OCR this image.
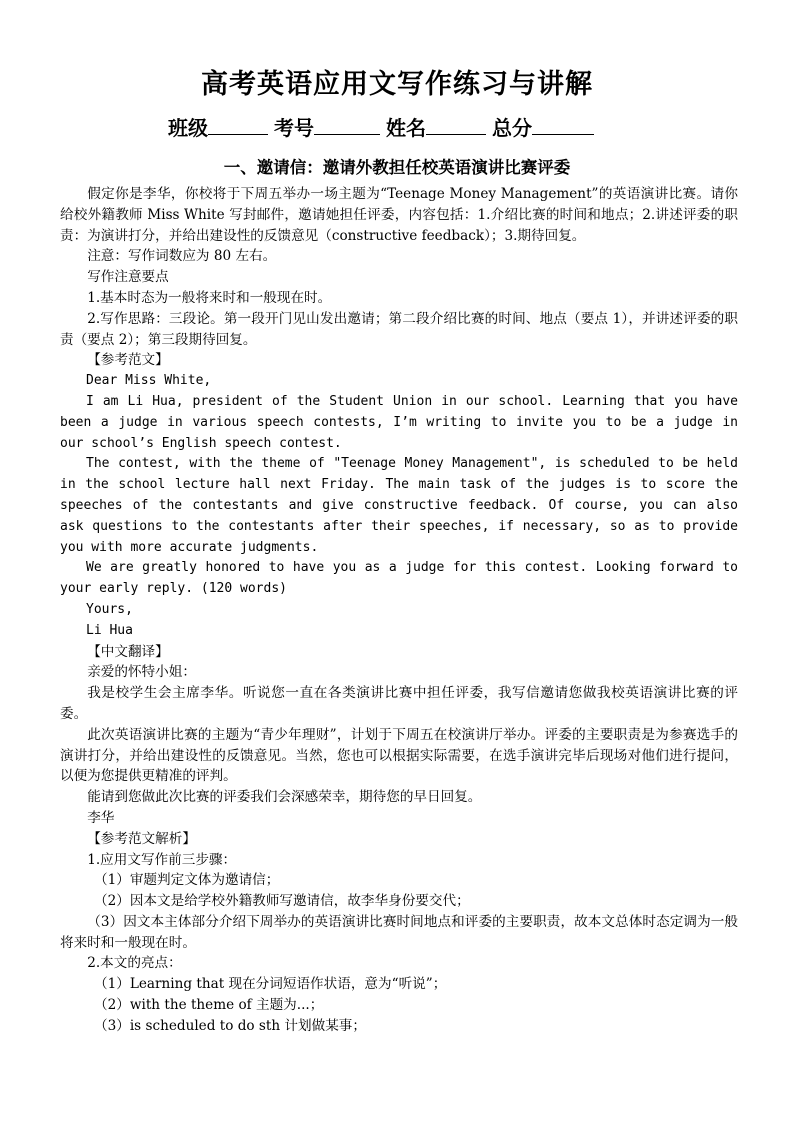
高考英语应用文写作练习与讲解
班级	考号	姓名	总分
一、邀请信：邀请外教担任校英语演讲比赛评委

假定你是李华，你校将于下周五举办一场主题为“Teenage Money Management”的英语演讲比赛。请你给校外籍教师 Miss White 写封邮件，邀请她担任评委，内容包括：1.介绍比赛的时间和地点；2.讲述评委的职责：为演讲打分，并给出建设性的反馈意见（constructive feedback）；3.期待回复。

注意：写作词数应为 80 左右。

写作注意要点

1.基本时态为一般将来时和一般现在时。

2.写作思路：三段论。第一段开门见山发出邀请；第二段介绍比赛的时间、地点（要点 1），并讲述评委的职责（要点 2）；第三段期待回复。

【参考范文】

Dear Miss White,

I am Li Hua, president of the Student Union in our school. Learning that you have been a judge in various speech contests, I’m writing to invite you to be a judge in our school’s English speech contest.

The contest, with the theme of "Teenage Money Management", is scheduled to be held in the school lecture hall next Friday. The main task of the judges is to score the speeches of the contestants and give constructive feedback. Of course, you can also ask questions to the contestants after their speeches, if necessary, so as to provide you with more accurate judgments.

We are greatly honored to have you as a judge for this contest. Looking forward to your early reply. (120 words)

Yours,

Li Hua

【中文翻译】

亲爱的怀特小姐：

我是校学生会主席李华。听说您一直在各类演讲比赛中担任评委，我写信邀请您做我校英语演讲比赛的评委。

此次英语演讲比赛的主题为“青少年理财”，计划于下周五在校演讲厅举办。评委的主要职责是为参赛选手的演讲打分，并给出建设性的反馈意见。当然，您也可以根据实际需要，在选手演讲完毕后现场对他们进行提问，以便为您提供更精准的评判。

能请到您做此次比赛的评委我们会深感荣幸，期待您的早日回复。

李华

【参考范文解析】

1.应用文写作前三步骤：

（1）审题判定文体为邀请信；

（2）因本文是给学校外籍教师写邀请信，故李华身份要交代；

（3）因文本主体部分介绍下周举办的英语演讲比赛时间地点和评委的主要职责，故本文总体时态定调为一般将来时和一般现在时。

2.本文的亮点：

（1）Learning that 现在分词短语作状语，意为“听说”；

（2）with the theme of 主题为...；

（3）is scheduled to do sth 计划做某事；
